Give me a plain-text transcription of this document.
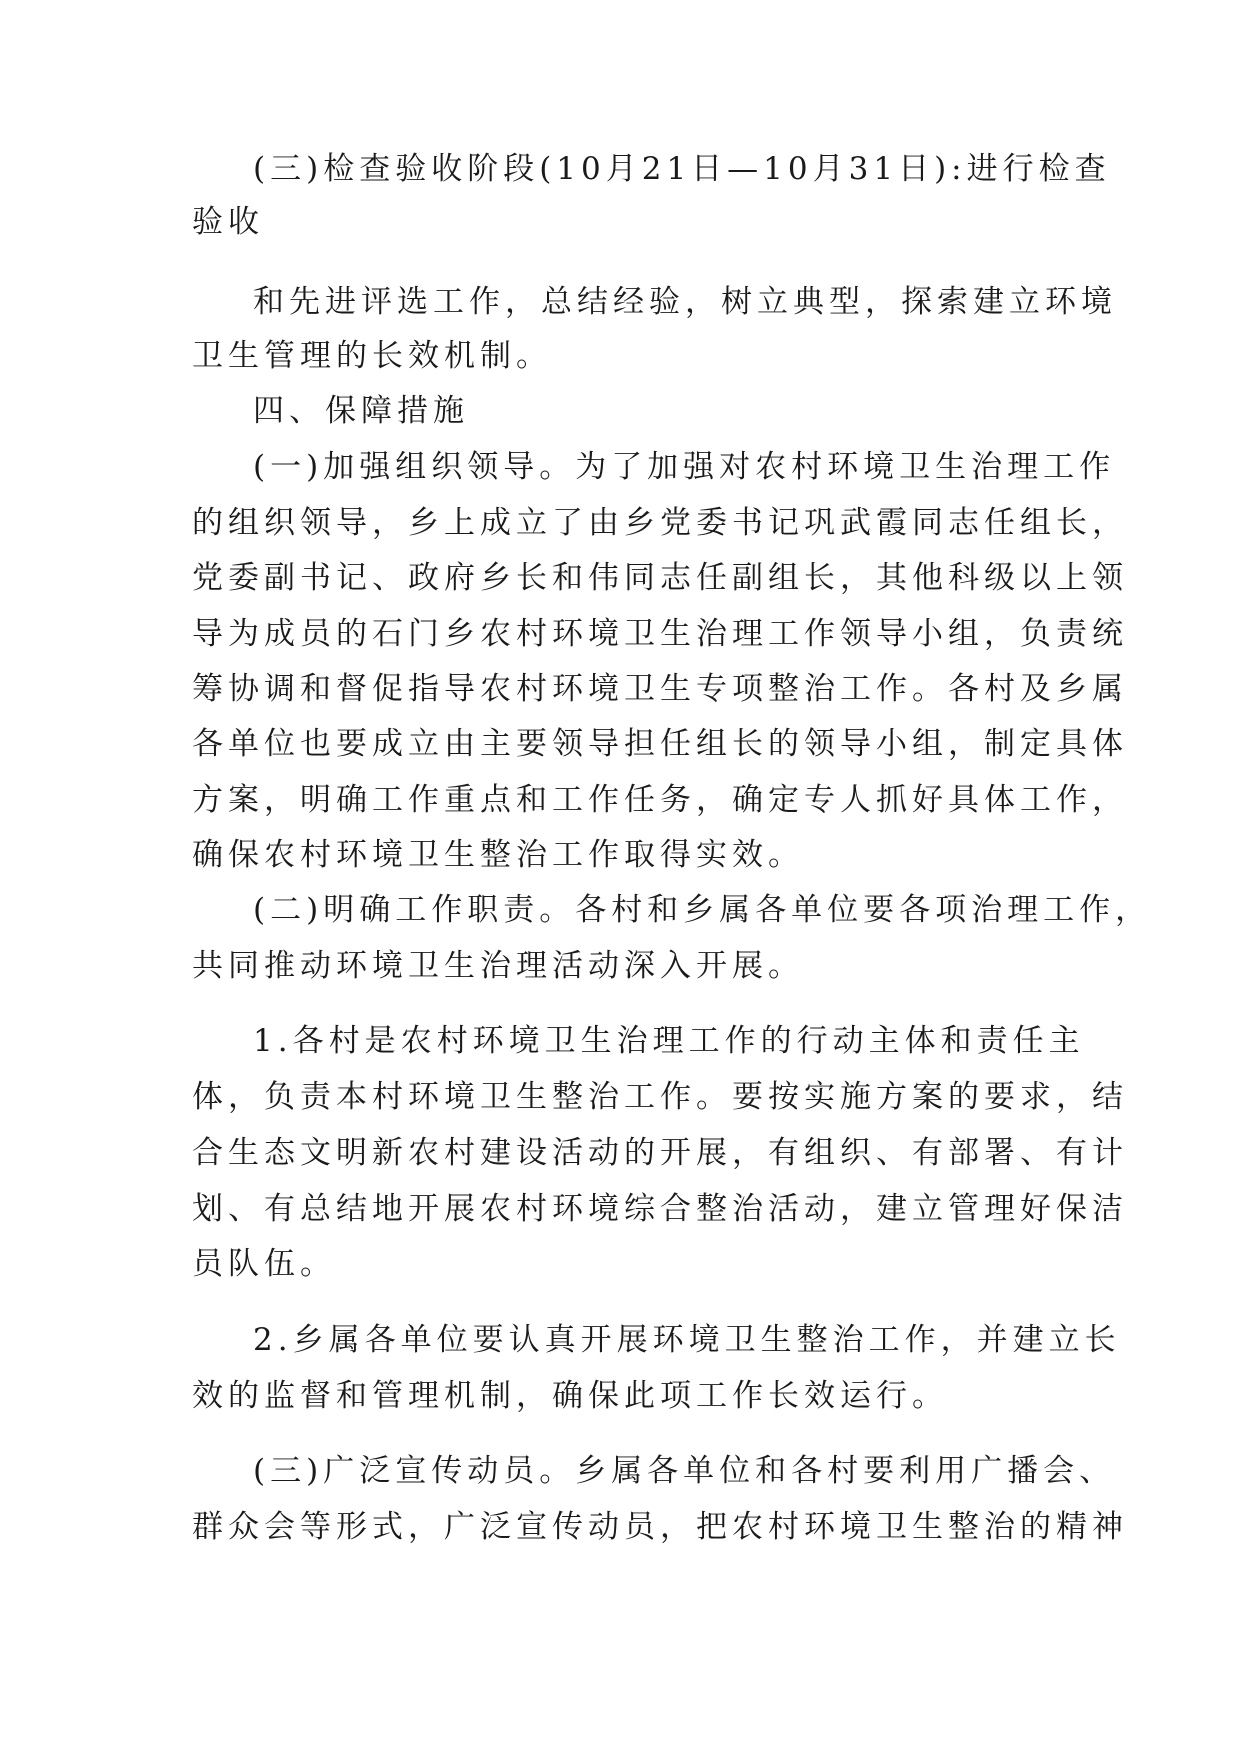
(三)检查验收阶段(10月21日—10月31日):进行检查
验收
和先进评选工作，总结经验，树立典型，探索建立环境
卫生管理的长效机制。
四、保障措施
(一)加强组织领导。为了加强对农村环境卫生治理工作
的组织领导，乡上成立了由乡党委书记巩武霞同志任组长，
党委副书记、政府乡长和伟同志任副组长，其他科级以上领
导为成员的石门乡农村环境卫生治理工作领导小组，负责统
筹协调和督促指导农村环境卫生专项整治工作。各村及乡属
各单位也要成立由主要领导担任组长的领导小组，制定具体
方案，明确工作重点和工作任务，确定专人抓好具体工作，
确保农村环境卫生整治工作取得实效。
(二)明确工作职责。各村和乡属各单位要各项治理工作，
共同推动环境卫生治理活动深入开展。
1.各村是农村环境卫生治理工作的行动主体和责任主
体，负责本村环境卫生整治工作。要按实施方案的要求，结
合生态文明新农村建设活动的开展，有组织、有部署、有计
划、有总结地开展农村环境综合整治活动，建立管理好保洁
员队伍。
2.乡属各单位要认真开展环境卫生整治工作，并建立长
效的监督和管理机制，确保此项工作长效运行。
(三)广泛宣传动员。乡属各单位和各村要利用广播会、
群众会等形式，广泛宣传动员，把农村环境卫生整治的精神
